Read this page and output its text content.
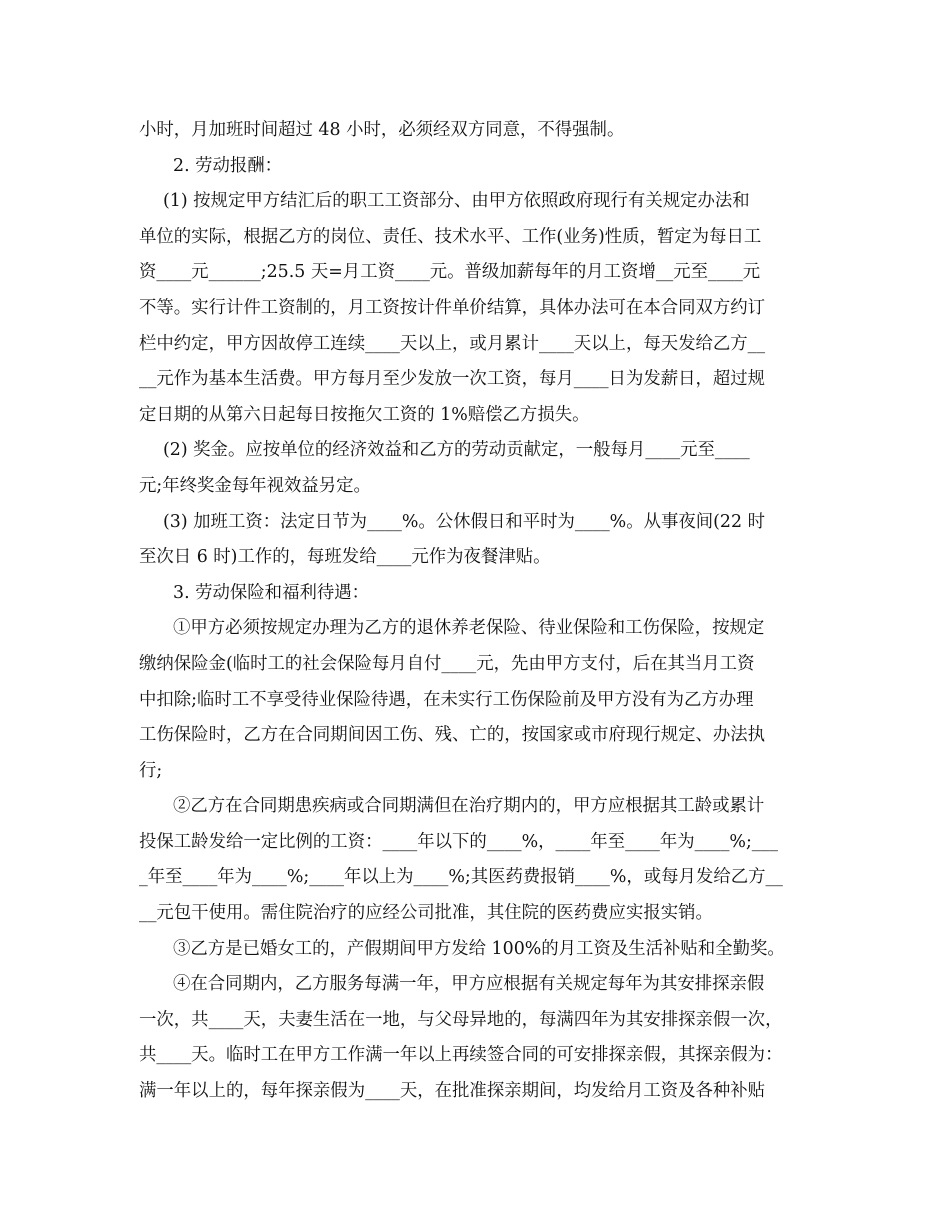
小时，月加班时间超过 48 小时，必须经双方同意，不得强制。
2. 劳动报酬：
(1) 按规定甲方结汇后的职工工资部分、由甲方依照政府现行有关规定办法和
单位的实际，根据乙方的岗位、责任、技术水平、工作(业务)性质，暂定为每日工
资____元______;25.5 天=月工资____元。普级加薪每年的月工资增__元至____元
不等。实行计件工资制的，月工资按计件单价结算，具体办法可在本合同双方约订
栏中约定，甲方因故停工连续____天以上，或月累计____天以上，每天发给乙方__
__元作为基本生活费。甲方每月至少发放一次工资，每月____日为发薪日，超过规
定日期的从第六日起每日按拖欠工资的 1%赔偿乙方损失。
(2) 奖金。应按单位的经济效益和乙方的劳动贡献定，一般每月____元至____
元;年终奖金每年视效益另定。
(3) 加班工资：法定日节为____%。公休假日和平时为____%。从事夜间(22 时
至次日 6 时)工作的，每班发给____元作为夜餐津贴。
3. 劳动保险和福利待遇：
①甲方必须按规定办理为乙方的退休养老保险、待业保险和工伤保险，按规定
缴纳保险金(临时工的社会保险每月自付____元，先由甲方支付，后在其当月工资
中扣除;临时工不享受待业保险待遇，在未实行工伤保险前及甲方没有为乙方办理
工伤保险时，乙方在合同期间因工伤、残、亡的，按国家或市府现行规定、办法执
行;
②乙方在合同期患疾病或合同期满但在治疗期内的，甲方应根据其工龄或累计
投保工龄发给一定比例的工资：____年以下的____%，____年至____年为____%;___
_年至____年为____%;____年以上为____%;其医药费报销____%，或每月发给乙方__
__元包干使用。需住院治疗的应经公司批准，其住院的医药费应实报实销。
③乙方是已婚女工的，产假期间甲方发给 100%的月工资及生活补贴和全勤奖。
④在合同期内，乙方服务每满一年，甲方应根据有关规定每年为其安排探亲假
一次，共____天，夫妻生活在一地，与父母异地的，每满四年为其安排探亲假一次，
共____天。临时工在甲方工作满一年以上再续签合同的可安排探亲假，其探亲假为：
满一年以上的，每年探亲假为____天，在批准探亲期间，均发给月工资及各种补贴
